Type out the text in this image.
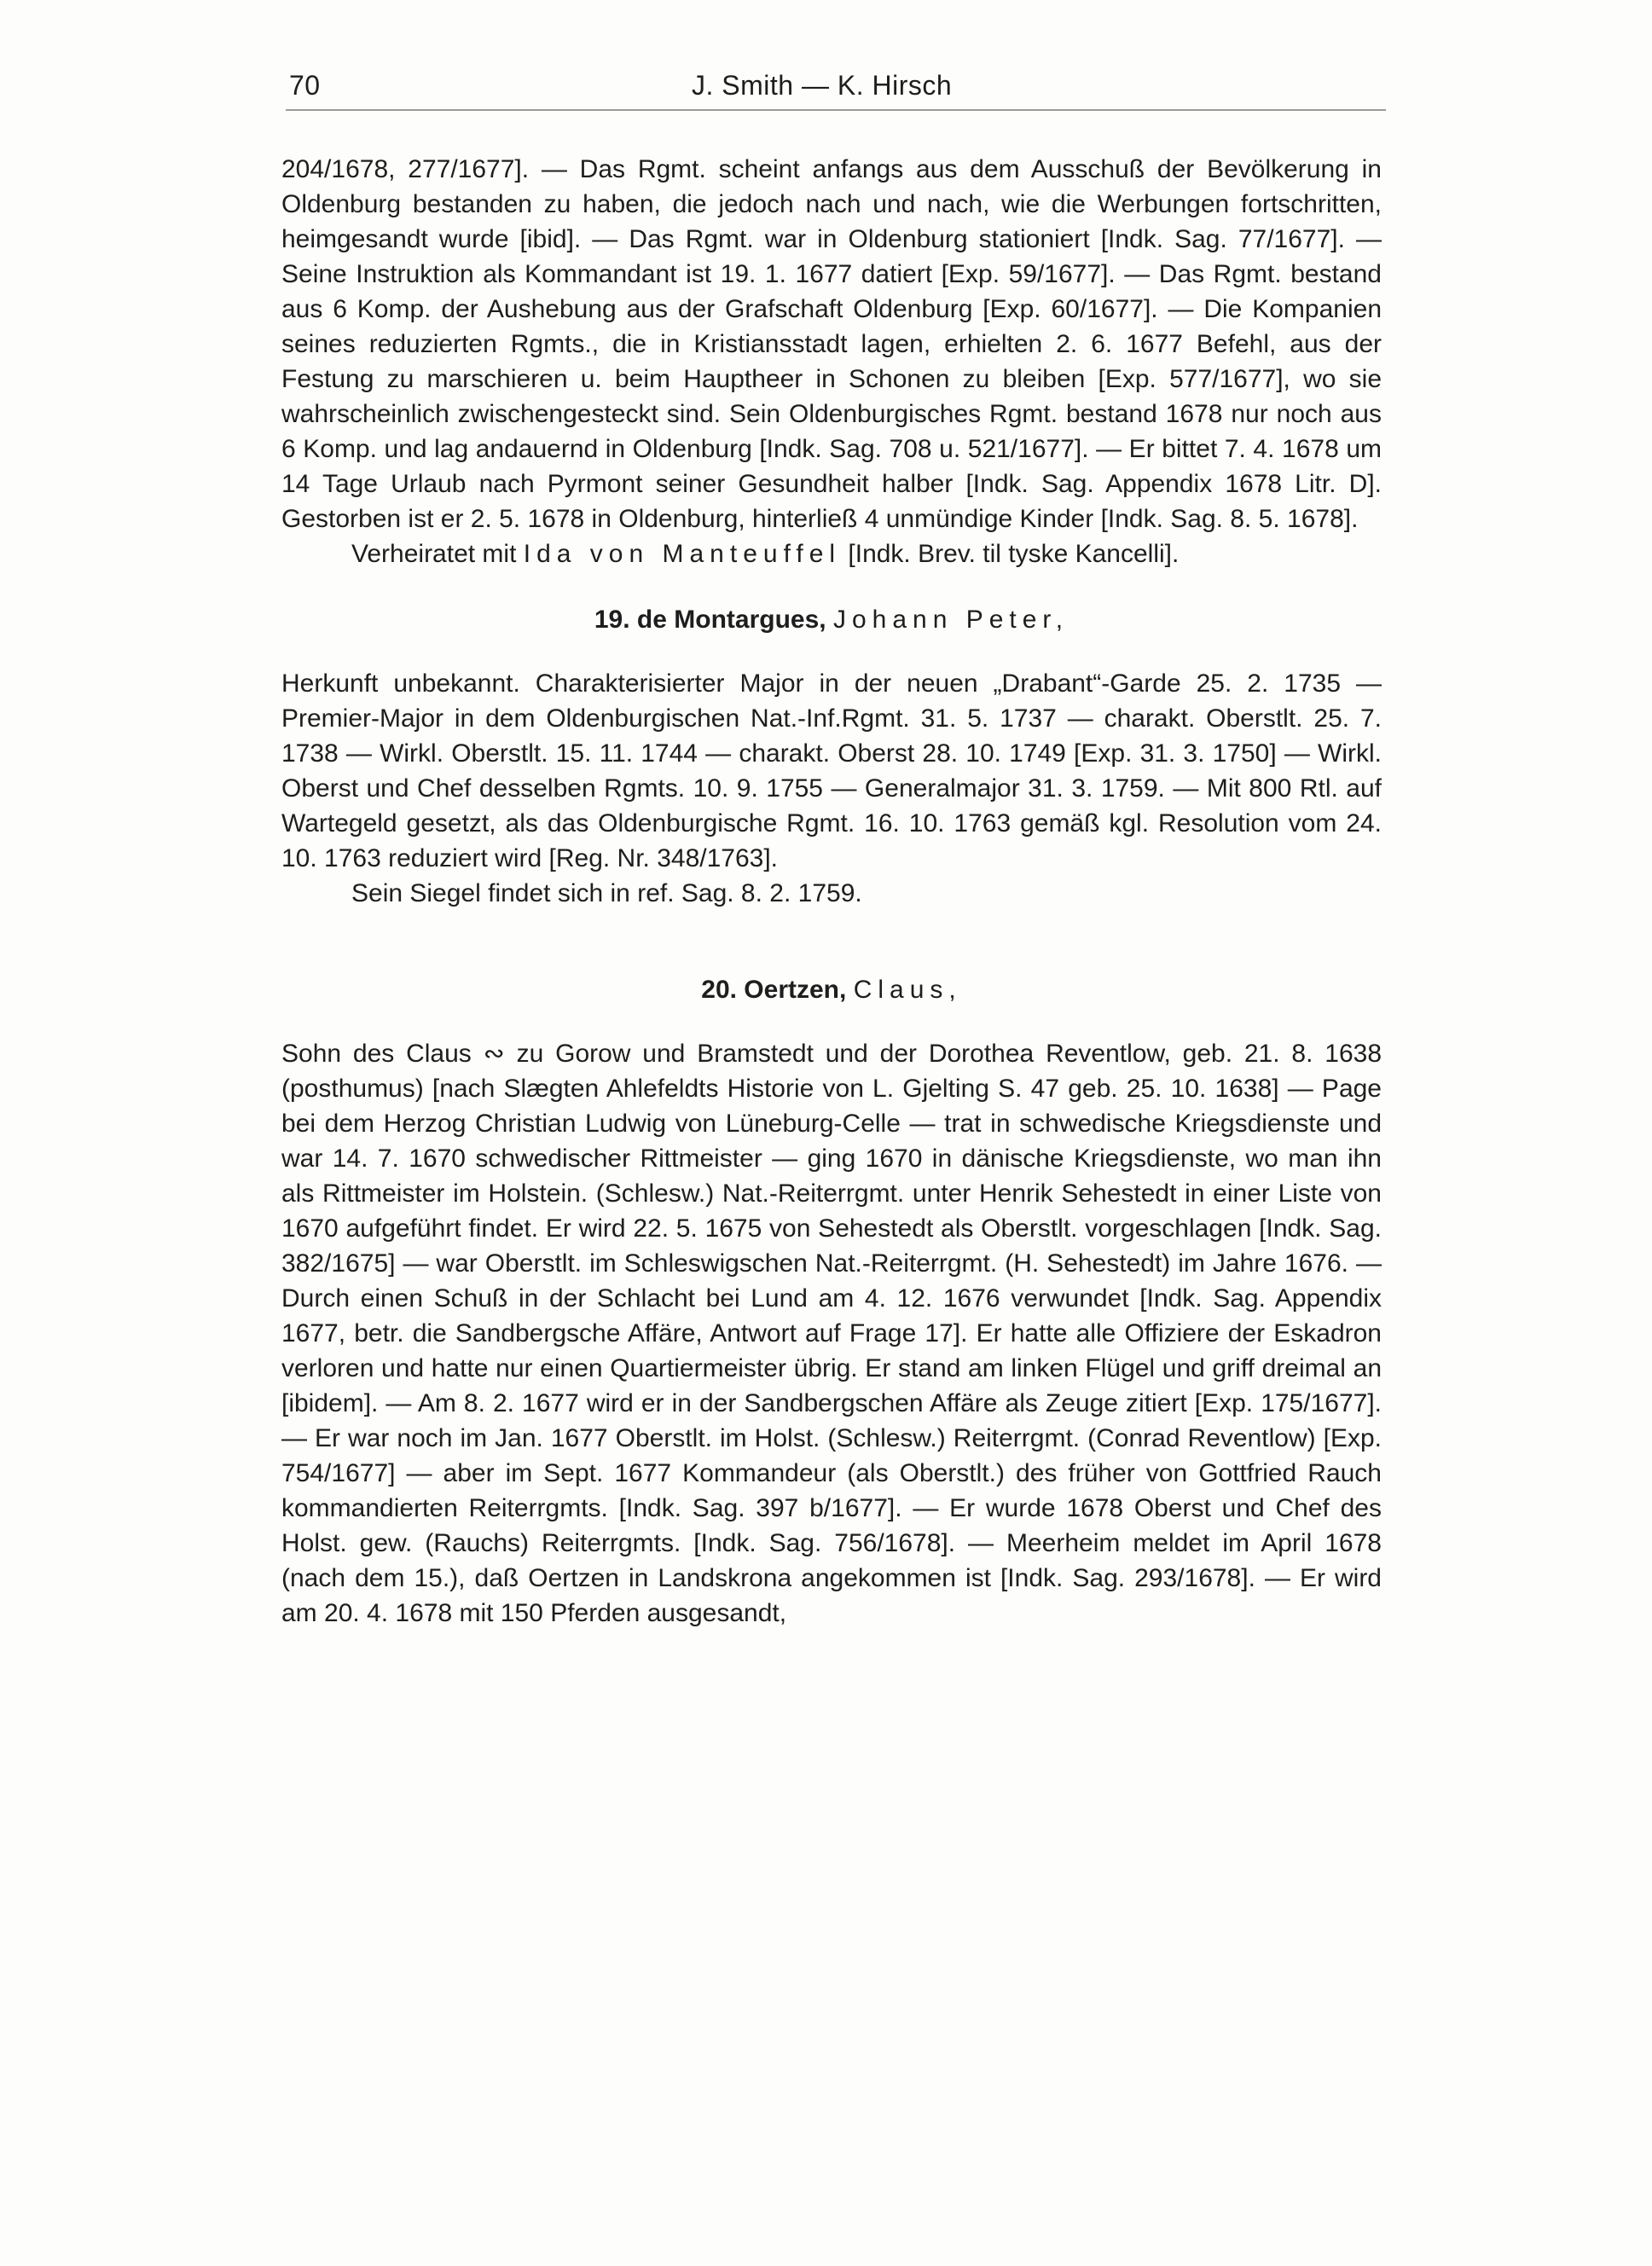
70	J. Smith — K. Hirsch

204/1678, 277/1677]. — Das Rgmt. scheint anfangs aus dem Ausschuß der Bevölkerung in Oldenburg bestanden zu haben, die jedoch nach und nach, wie die Werbungen fortschritten, heimgesandt wurde [ibid]. — Das Rgmt. war in Oldenburg stationiert [Indk. Sag. 77/1677]. — Seine Instruktion als Kommandant ist 19. 1. 1677 datiert [Exp. 59/1677]. — Das Rgmt. bestand aus 6 Komp. der Aushebung aus der Grafschaft Oldenburg [Exp. 60/1677]. — Die Kompanien seines reduzierten Rgmts., die in Kristiansstadt lagen, erhielten 2. 6. 1677 Befehl, aus der Festung zu marschieren u. beim Hauptheer in Schonen zu bleiben [Exp. 577/1677], wo sie wahrscheinlich zwischengesteckt sind. Sein Oldenburgisches Rgmt. bestand 1678 nur noch aus 6 Komp. und lag andauernd in Oldenburg [Indk. Sag. 708 u. 521/1677]. — Er bittet 7. 4. 1678 um 14 Tage Urlaub nach Pyrmont seiner Gesundheit halber [Indk. Sag. Appendix 1678 Litr. D]. Gestorben ist er 2. 5. 1678 in Oldenburg, hinterließ 4 unmündige Kinder [Indk. Sag. 8. 5. 1678].

Verheiratet mit Ida von Manteuffel [Indk. Brev. til tyske Kancelli].

19. de Montargues, Johann Peter,

Herkunft unbekannt. Charakterisierter Major in der neuen „Drabant“-Garde 25. 2. 1735 — Premier-Major in dem Oldenburgischen Nat.-Inf.Rgmt. 31. 5. 1737 — charakt. Oberstlt. 25. 7. 1738 — Wirkl. Oberstlt. 15. 11. 1744 — charakt. Oberst 28. 10. 1749 [Exp. 31. 3. 1750] — Wirkl. Oberst und Chef desselben Rgmts. 10. 9. 1755 — Generalmajor 31. 3. 1759. — Mit 800 Rtl. auf Wartegeld gesetzt, als das Oldenburgische Rgmt. 16. 10. 1763 gemäß kgl. Resolution vom 24. 10. 1763 reduziert wird [Reg. Nr. 348/1763].

Sein Siegel findet sich in ref. Sag. 8. 2. 1759.

20. Oertzen, Claus,

Sohn des Claus ∾ zu Gorow und Bramstedt und der Dorothea Reventlow, geb. 21. 8. 1638 (posthumus) [nach Slægten Ahlefeldts Historie von L. Gjelting S. 47 geb. 25. 10. 1638] — Page bei dem Herzog Christian Ludwig von Lüneburg-Celle — trat in schwedische Kriegsdienste und war 14. 7. 1670 schwedischer Rittmeister — ging 1670 in dänische Kriegsdienste, wo man ihn als Rittmeister im Holstein. (Schlesw.) Nat.-Reiterrgmt. unter Henrik Sehestedt in einer Liste von 1670 aufgeführt findet. Er wird 22. 5. 1675 von Sehestedt als Oberstlt. vorgeschlagen [Indk. Sag. 382/1675] — war Oberstlt. im Schleswigschen Nat.-Reiterrgmt. (H. Sehestedt) im Jahre 1676. — Durch einen Schuß in der Schlacht bei Lund am 4. 12. 1676 verwundet [Indk. Sag. Appendix 1677, betr. die Sandbergsche Affäre, Antwort auf Frage 17]. Er hatte alle Offiziere der Eskadron verloren und hatte nur einen Quartiermeister übrig. Er stand am linken Flügel und griff dreimal an [ibidem]. — Am 8. 2. 1677 wird er in der Sandbergschen Affäre als Zeuge zitiert [Exp. 175/1677]. — Er war noch im Jan. 1677 Oberstlt. im Holst. (Schlesw.) Reiterrgmt. (Conrad Reventlow) [Exp. 754/1677] — aber im Sept. 1677 Kommandeur (als Oberstlt.) des früher von Gottfried Rauch kommandierten Reiterrgmts. [Indk. Sag. 397 b/1677]. — Er wurde 1678 Oberst und Chef des Holst. gew. (Rauchs) Reiterrgmts. [Indk. Sag. 756/1678]. — Meerheim meldet im April 1678 (nach dem 15.), daß Oertzen in Landskrona angekommen ist [Indk. Sag. 293/1678]. — Er wird am 20. 4. 1678 mit 150 Pferden ausgesandt,
